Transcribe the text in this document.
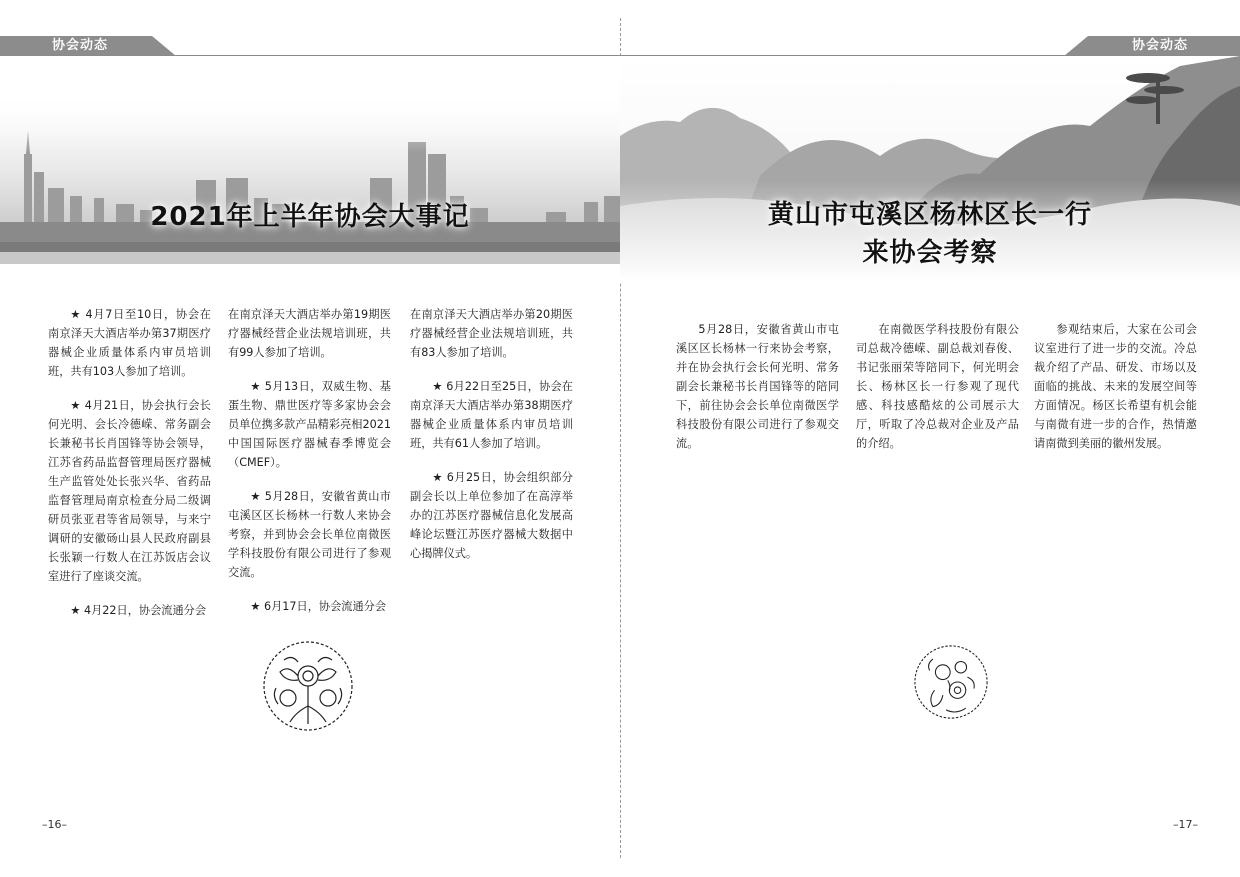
协会动态
2021年上半年协会大事记

★ 4月7日至10日，协会在南京泽天大酒店举办第37期医疗器械企业质量体系内审员培训班，共有103人参加了培训。

★ 4月21日，协会执行会长何光明、会长冷德嵘、常务副会长兼秘书长肖国锋等协会领导，江苏省药品监督管理局医疗器械生产监管处处长张兴华、省药品监督管理局南京检查分局二级调研员张亚君等省局领导，与来宁调研的安徽砀山县人民政府副县长张颖一行数人在江苏饭店会议室进行了座谈交流。

★ 4月22日，协会流通分会

在南京泽天大酒店举办第19期医疗器械经营企业法规培训班，共有99人参加了培训。

★ 5月13日，双威生物、基蛋生物、鼎世医疗等多家协会会员单位携多款产品精彩亮相2021中国国际医疗器械春季博览会（CMEF）。

★ 5月28日，安徽省黄山市屯溪区区长杨林一行数人来协会考察，并到协会会长单位南微医学科技股份有限公司进行了参观交流。

★ 6月17日，协会流通分会

在南京泽天大酒店举办第20期医疗器械经营企业法规培训班，共有83人参加了培训。

★ 6月22日至25日，协会在南京泽天大酒店举办第38期医疗器械企业质量体系内审员培训班，共有61人参加了培训。

★ 6月25日，协会组织部分副会长以上单位参加了在高淳举办的江苏医疗器械信息化发展高峰论坛暨江苏医疗器械大数据中心揭牌仪式。

–16–
协会动态
黄山市屯溪区杨林区长一行
来协会考察

5月28日，安徽省黄山市屯溪区区长杨林一行来协会考察，并在协会执行会长何光明、常务副会长兼秘书长肖国锋等的陪同下，前往协会会长单位南微医学科技股份有限公司进行了参观交流。

在南微医学科技股份有限公司总裁冷德嵘、副总裁刘春俊、书记张丽荣等陪同下，何光明会长、杨林区长一行参观了现代感、科技感酷炫的公司展示大厅，听取了冷总裁对企业及产品的介绍。

参观结束后，大家在公司会议室进行了进一步的交流。冷总裁介绍了产品、研发、市场以及面临的挑战、未来的发展空间等方面情况。杨区长希望有机会能与南微有进一步的合作，热情邀请南微到美丽的徽州发展。

–17–
